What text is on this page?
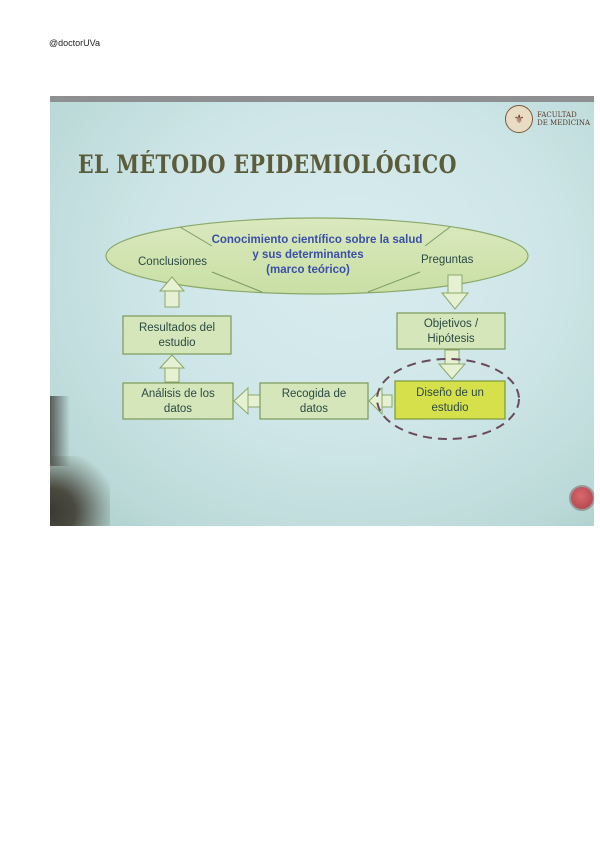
@doctorUVa
EL MÉTODO EPIDEMIOLÓGICO
⚜	FACULTAD
DE MEDICINA
Conclusiones	Preguntas
Conocimiento científico sobre la salud
y sus determinantes
(marco teórico)
Resultados del
estudio
Objetivos /
Hipótesis
Análisis de los
datos
Recogida de
datos
Diseño de un
estudio
